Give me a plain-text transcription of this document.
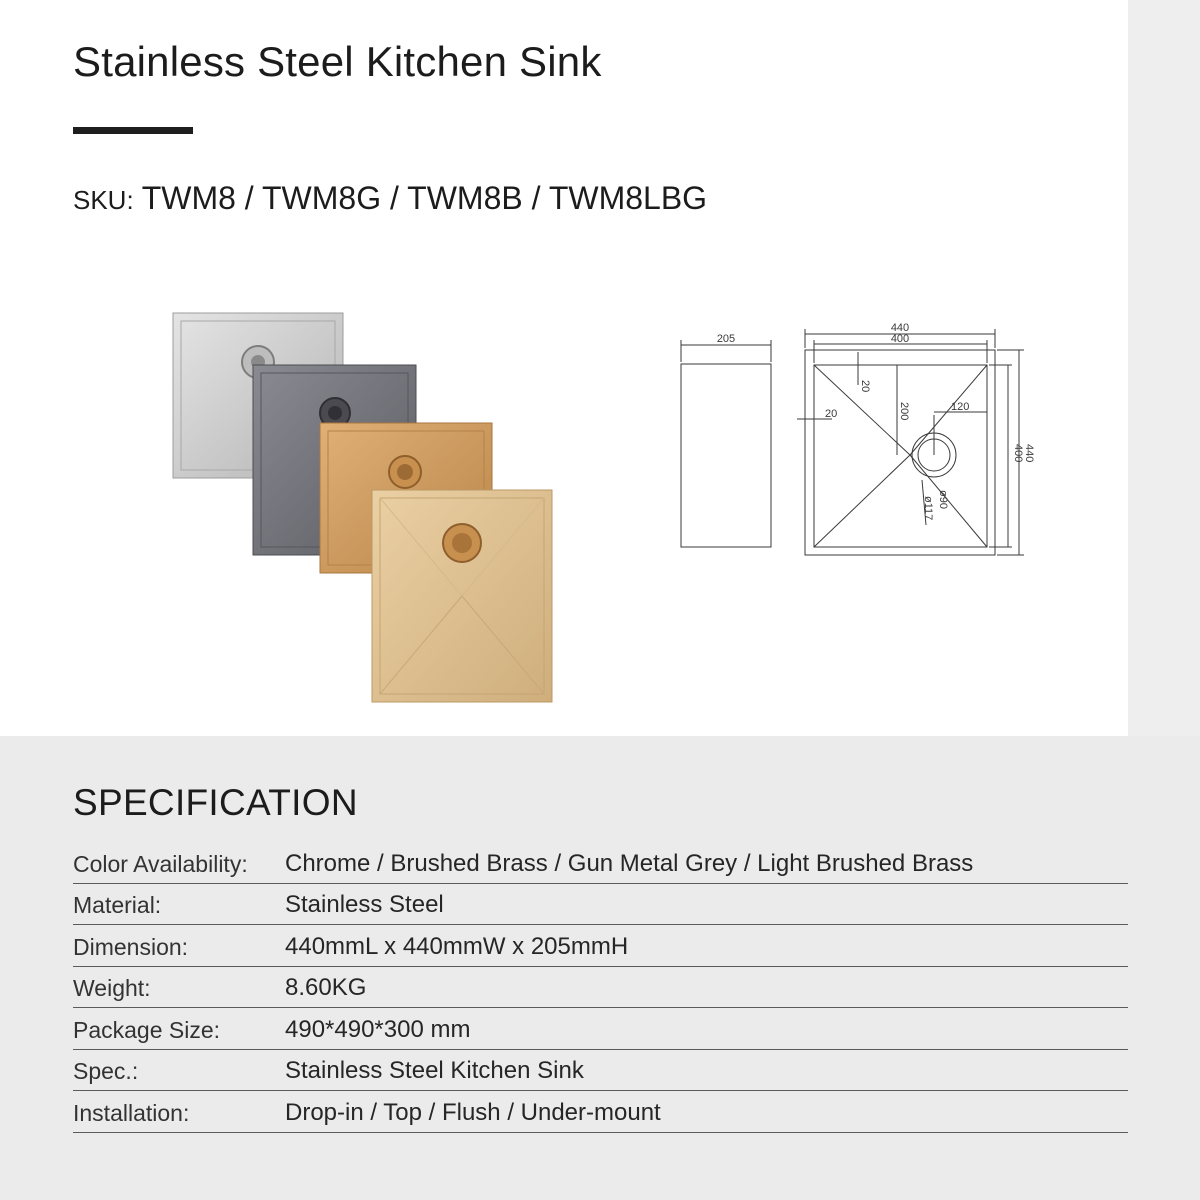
Stainless Steel Kitchen Sink
SKU: TWM8 / TWM8G / TWM8B / TWM8LBG
205
440
400
440
400
20
20	200	120
ø90
ø117
SPECIFICATION
Color Availability: Chrome / Brushed Brass / Gun Metal Grey / Light Brushed Brass
Material:	Stainless Steel
Dimension:	440mmL x 440mmW x 205mmH
Weight:	8.60KG
Package Size:	490*490*300 mm
Spec.:	Stainless Steel Kitchen Sink
Installation:	Drop-in / Top / Flush / Under-mount
